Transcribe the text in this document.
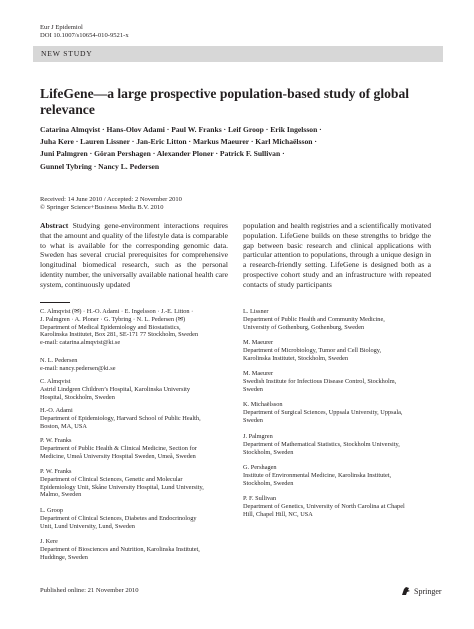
Eur J Epidemiol
DOI 10.1007/s10654-010-9521-x
NEW STUDY
LifeGene—a large prospective population-based study of global
relevance
Catarina Almqvist · Hans-Olov Adami · Paul W. Franks · Leif Groop · Erik Ingelsson ·
Juha Kere · Lauren Lissner · Jan-Eric Litton · Markus Maeurer · Karl Michaëlsson ·
Juni Palmgren · Göran Pershagen · Alexander Ploner · Patrick F. Sullivan ·
Gunnel Tybring · Nancy L. Pedersen
Received: 14 June 2010 / Accepted: 2 November 2010
© Springer Science+Business Media B.V. 2010
Abstract Studying gene-environment interactions requires that the amount and quality of the lifestyle data is comparable to what is available for the corresponding genomic data. Sweden has several crucial prerequisites for comprehensive longitudinal biomedical research, such as the personal identity number, the universally available national health care system, continuously updated
population and health registries and a scientifically motivated population. LifeGene builds on these strengths to bridge the gap between basic research and clinical applications with particular attention to populations, through a unique design in a research-friendly setting. LifeGene is designed both as a prospective cohort study and an infrastructure with repeated contacts of study participants
C. Almqvist (✉) · H.-O. Adami · E. Ingelsson · J.-E. Litton ·
J. Palmgren · A. Ploner · G. Tybring · N. L. Pedersen (✉)
Department of Medical Epidemiology and Biostatistics,
Karolinska Institutet, Box 281, SE-171 77 Stockholm, Sweden
e-mail: catarina.almqvist@ki.se
N. L. Pedersen
e-mail: nancy.pedersen@ki.se
C. Almqvist
Astrid Lindgren Children’s Hospital, Karolinska University
Hospital, Stockholm, Sweden
H.-O. Adami
Department of Epidemiology, Harvard School of Public Health,
Boston, MA, USA
P. W. Franks
Department of Public Health & Clinical Medicine, Section for
Medicine, Umeå University Hospital Sweden, Umeå, Sweden
P. W. Franks
Department of Clinical Sciences, Genetic and Molecular
Epidemiology Unit, Skåne University Hospital, Lund University,
Malmo, Sweden
L. Groop
Department of Clinical Sciences, Diabetes and Endocrinology
Unit, Lund University, Lund, Sweden
J. Kere
Department of Biosciences and Nutrition, Karolinska Institutet,
Huddinge, Sweden
L. Lissner
Department of Public Health and Community Medicine,
University of Gothenburg, Gothenburg, Sweden
M. Maeurer
Department of Microbiology, Tumor and Cell Biology,
Karolinska Institutet, Stockholm, Sweden
M. Maeurer
Swedish Institute for Infectious Disease Control, Stockholm,
Sweden
K. Michaëlsson
Department of Surgical Sciences, Uppsala University, Uppsala,
Sweden
J. Palmgren
Department of Mathematical Statistics, Stockholm University,
Stockholm, Sweden
G. Pershagen
Institute of Environmental Medicine, Karolinska Institutet,
Stockholm, Sweden
P. F. Sullivan
Department of Genetics, University of North Carolina at Chapel
Hill, Chapel Hill, NC, USA
Published online: 21 November 2010	Springer
